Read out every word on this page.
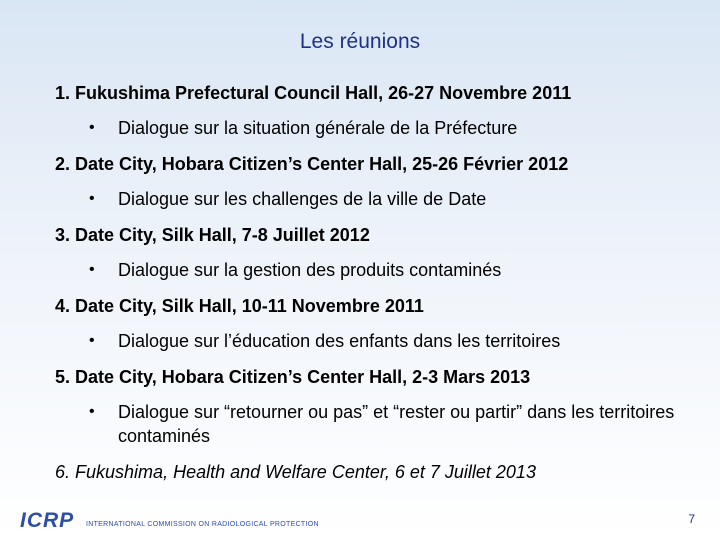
Les réunions
1. Fukushima Prefectural Council Hall, 26-27 Novembre 2011
• Dialogue sur la situation générale de la Préfecture
2. Date City, Hobara Citizen’s Center Hall, 25-26 Février 2012
• Dialogue sur les challenges de la ville de Date
3. Date City, Silk Hall, 7-8 Juillet 2012
• Dialogue sur la gestion des produits contaminés
4. Date City, Silk Hall, 10-11 Novembre 2011
• Dialogue sur l’éducation des enfants dans les territoires
5. Date City, Hobara Citizen’s Center Hall, 2-3 Mars 2013
• Dialogue sur “retourner ou pas” et “rester ou partir” dans les territoires contaminés
6. Fukushima, Health and Welfare Center, 6 et 7 Juillet 2013
ICRP INTERNATIONAL COMMISSION ON RADIOLOGICAL PROTECTION	7
